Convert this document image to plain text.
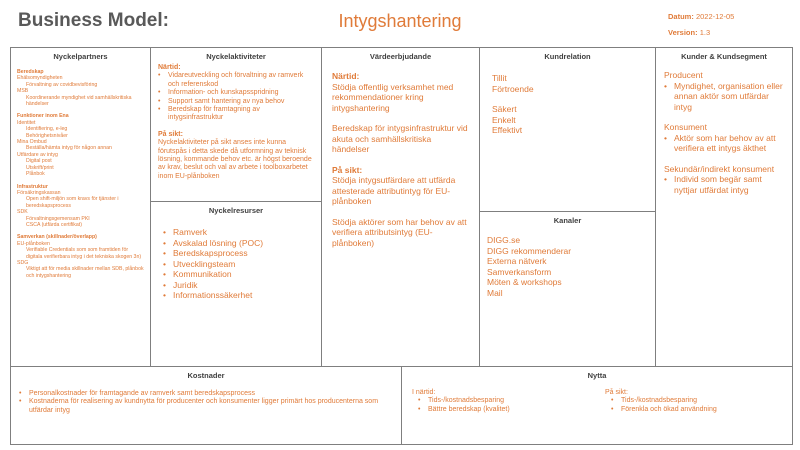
Business Model:	Intygshantering	Datum: 2022-12-05
Version: 1.3
Nyckelpartners
Beredskap
Ehälsomyndigheten
Förvaltning av covidbevisföring
MSB
Koordinerande myndighet vid samhällskritiska händelser
Funktioner inom Ena
Identitet
Identifiering, e-leg
Behörighetsnivåer
Mina Ombud
Beställa/hämta intyg för någon annan
Utfärdare av intyg
Digital post
Utskrift/print
Plånbok
Infrastruktur
Försäkringskassan
Open shift-miljön som kravs för tjänster i beredskapsprocess
SDK
Förvaltningsgemensam PKI
CSCA (utfärda certifikat)
Samverkan (skillnader/överlapp)
EU-plånboken
Verifiable Credentials som som framtiden för digitala verifierbara intyg i det tekniska skogen 3n)
SDG
Viktigt att för media skillnader mellan SDB, plånbok och intygshantering
Nyckelaktiviteter
Närtid:
• Vidareutveckling och förvaltning av ramverk och referenskod
• Information- och kunskapsspridning
• Support samt hantering av nya behov
• Beredskap för framtagning av intygsinfrastruktur
På sikt:
Nyckelaktiviteter på sikt anses inte kunna förutspås i detta skede då utformning av teknisk lösning, kommande behov etc. är högst beroende av krav, beslut och val av arbete i toolboxarbetet inom EU-plånboken
Nyckelresurser
• Ramverk
• Avskalad lösning (POC)
• Beredskapsprocess
• Utvecklingsteam
• Kommunikation
• Juridik
• Informationssäkerhet
Värdeerbjudande
Närtid:
Stödja offentlig verksamhet med rekommendationer kring intygshantering
Beredskap för intygsinfrastruktur vid akuta och samhällskritiska händelser
På sikt:
Stödja intygsutfärdare att utfärda attesterade attributintyg för EU-plånboken
Stödja aktörer som har behov av att verifiera attributsintyg (EU-plånboken)
Kundrelation
Tillit
Förtroende
Säkert
Enkelt
Effektivt
Kanaler
DIGG.se
DIGG rekommenderar
Externa nätverk
Samverkansform
Möten & workshops
Mail
Kunder & Kundsegment
Producent
• Myndighet, organisation eller annan aktör som utfärdar intyg
Konsument
• Aktör som har behov av att verifiera ett intygs äkthet
Sekundär/indirekt konsument
• Individ som begär samt nyttjar utfärdat intyg
Kostnader
• Personalkostnader för framtagande av ramverk samt beredskapsprocess
• Kostnaderna för realisering av kundnytta för producenter och konsumenter ligger primärt hos producenterna som utfärdar intyg
Nytta
I närtid:
• Tids-/kostnadsbesparing
• Bättre beredskap (kvalitet)
På sikt:
• Tids-/kostnadsbesparing
• Förenkla och ökad användning
